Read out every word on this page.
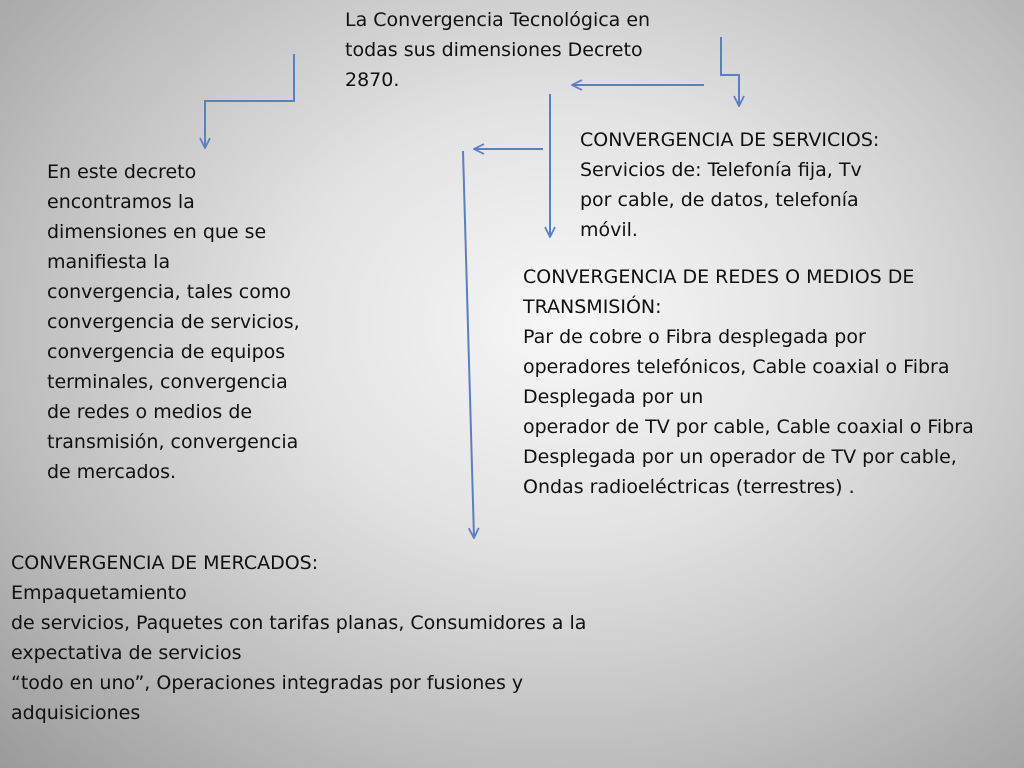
La Convergencia Tecnológica en
todas sus dimensiones Decreto
2870.
En este decreto
encontramos la
dimensiones en que se
manifiesta la
convergencia, tales como
convergencia de servicios,
convergencia de equipos
terminales, convergencia
de redes o medios de
transmisión, convergencia
de mercados.
CONVERGENCIA DE SERVICIOS:
Servicios de: Telefonía fija, Tv
por cable, de datos, telefonía
móvil.
CONVERGENCIA DE REDES O MEDIOS DE
TRANSMISIÓN:
Par de cobre o Fibra desplegada por
operadores telefónicos, Cable coaxial o Fibra
Desplegada por un
operador de TV por cable, Cable coaxial o Fibra
Desplegada por un operador de TV por cable,
Ondas radioeléctricas (terrestres) .
CONVERGENCIA DE MERCADOS:
Empaquetamiento
de servicios, Paquetes con tarifas planas, Consumidores a la
expectativa de servicios
“todo en uno”, Operaciones integradas por fusiones y
adquisiciones
